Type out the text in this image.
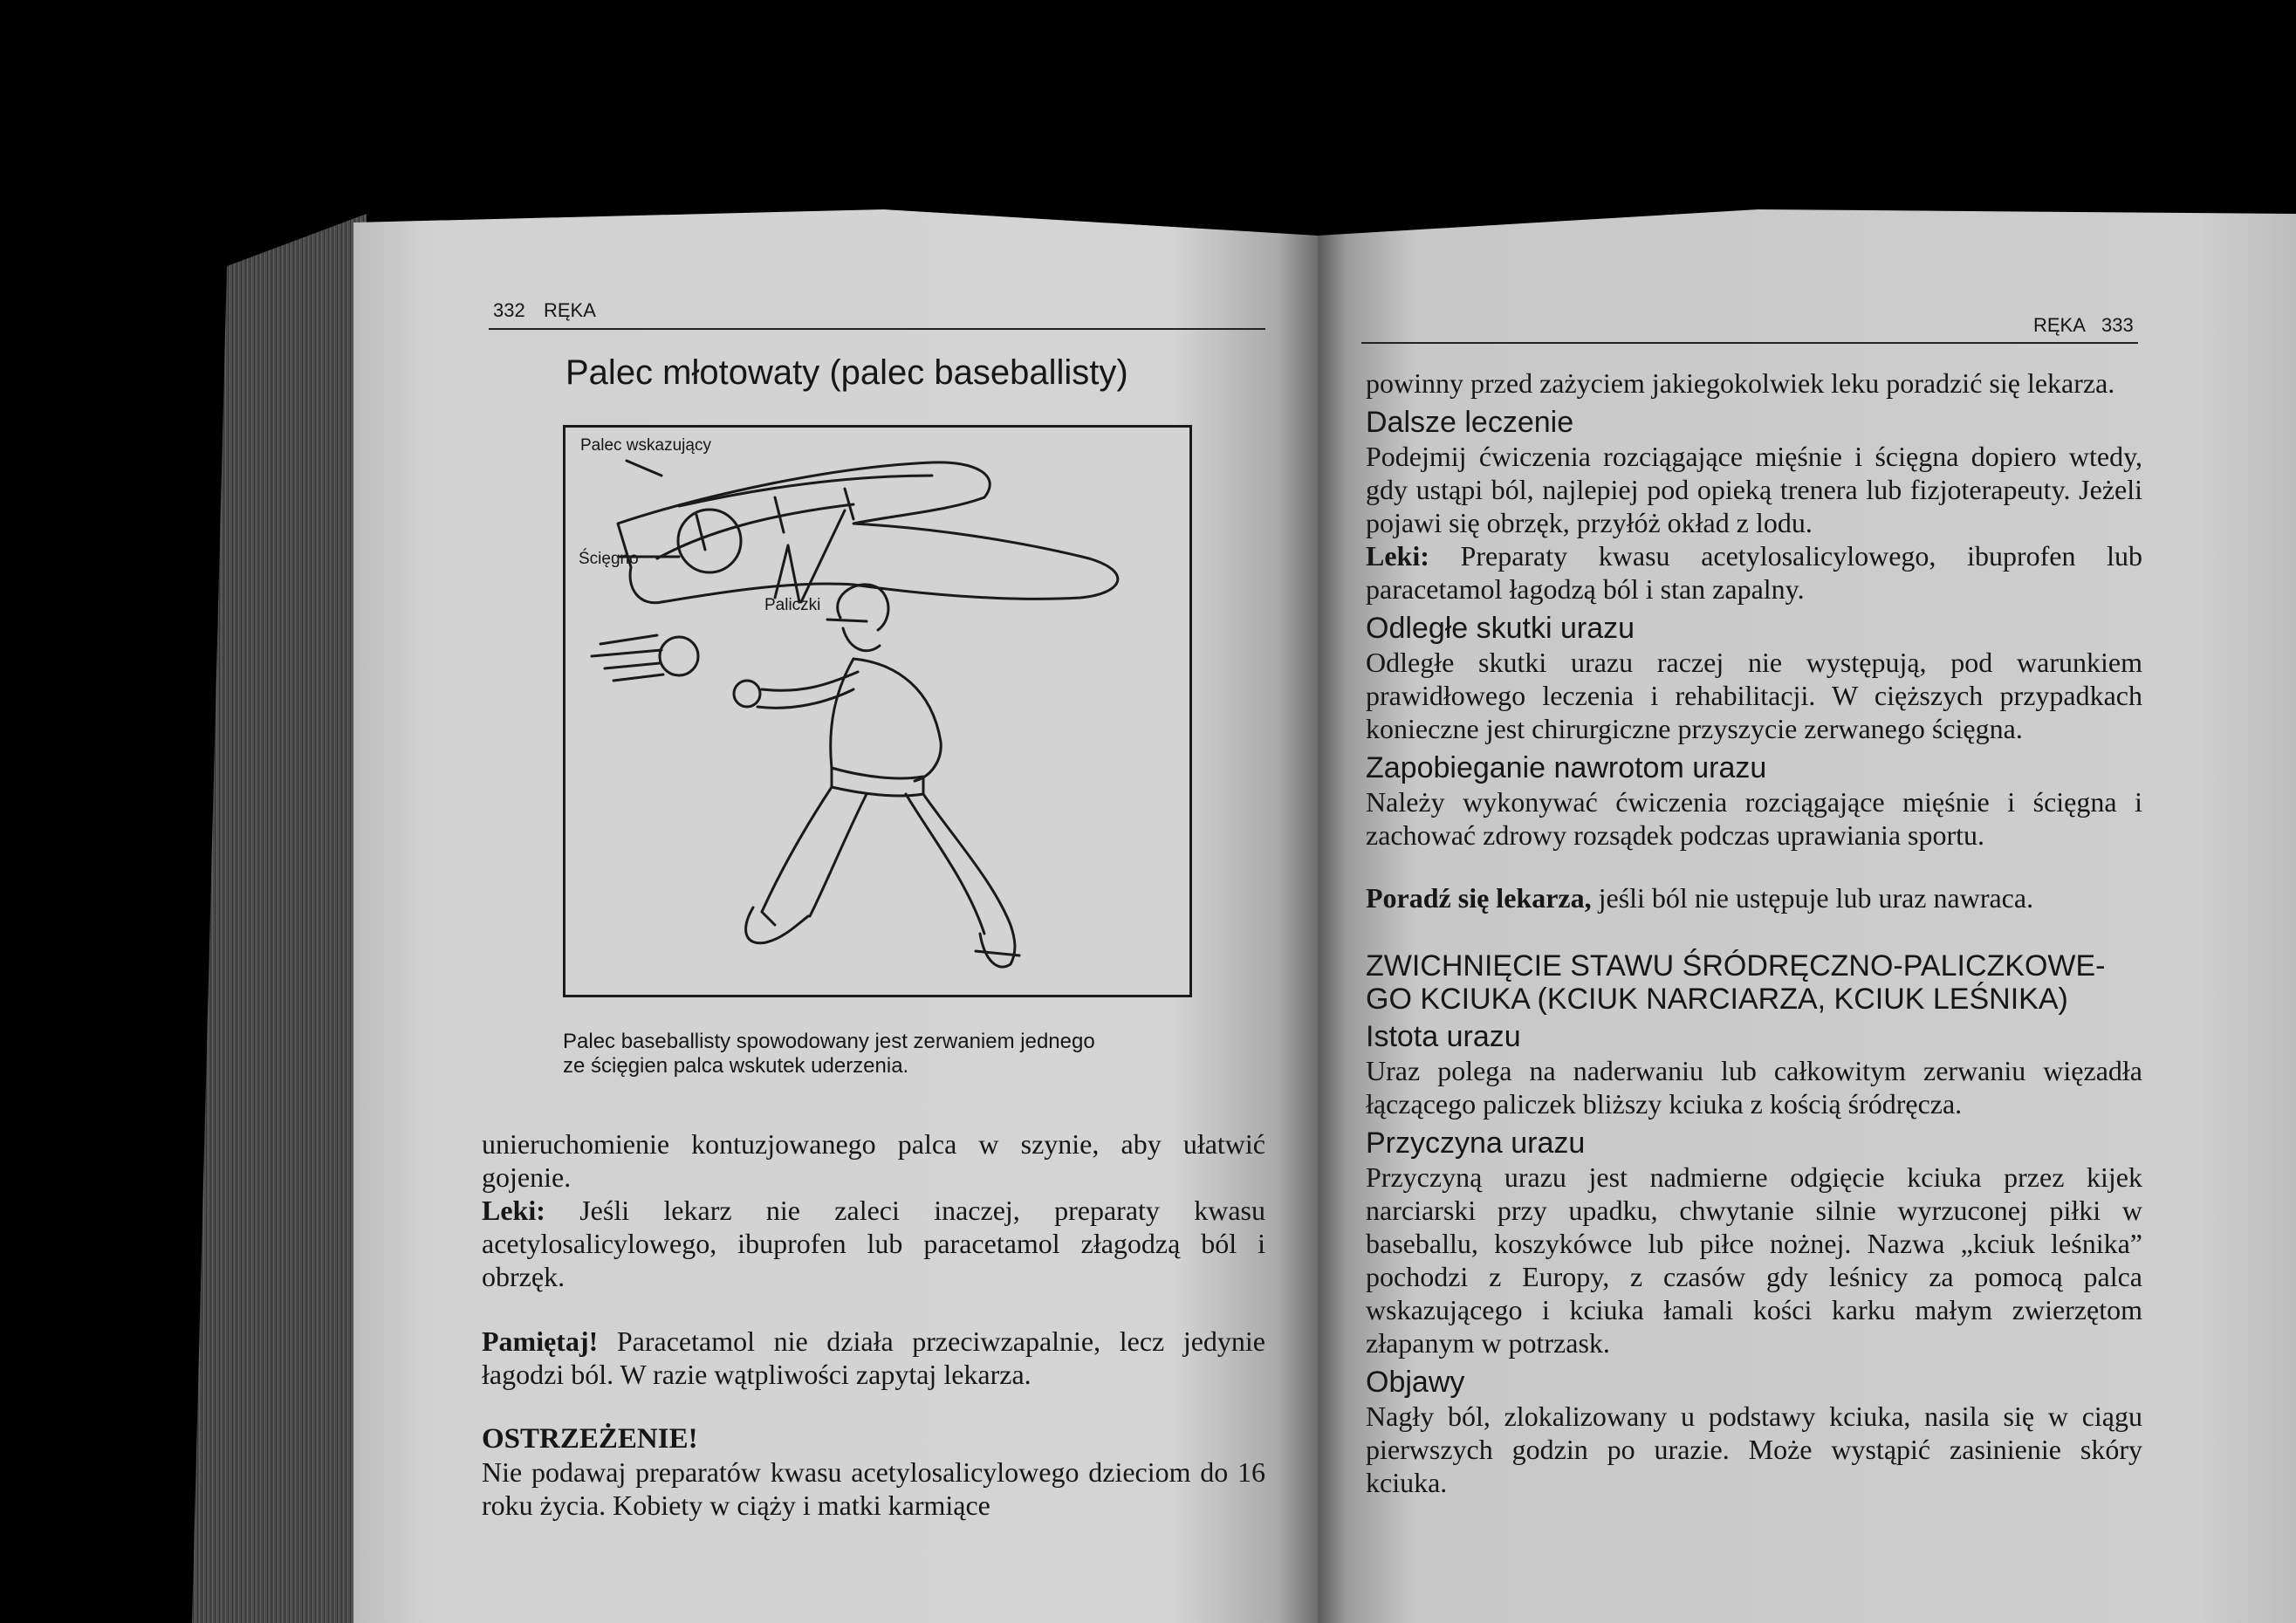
332 RĘKA
Palec młotowaty (palec baseballisty)
Palec wskazujący
Ścięgno
Paliczki
Palec baseballisty spowodowany jest zerwaniem jednego
ze ścięgien palca wskutek uderzenia.

unieruchomienie kontuzjowanego palca w szynie, aby ułatwić gojenie.

Leki: Jeśli lekarz nie zaleci inaczej, preparaty kwasu acetylosalicylowego, ibuprofen lub paracetamol złagodzą ból i obrzęk.

Pamiętaj! Paracetamol nie działa przeciwzapalnie, lecz jedynie łagodzi ból. W razie wątpliwości zapytaj lekarza.

OSTRZEŻENIE!

Nie podawaj preparatów kwasu acetylosalicylowego dzieciom do 16 roku życia. Kobiety w ciąży i matki karmiące

RĘKA 333

powinny przed zażyciem jakiegokolwiek leku poradzić się lekarza.

Dalsze leczenie

Podejmij ćwiczenia rozciągające mięśnie i ścięgna dopiero wtedy, gdy ustąpi ból, najlepiej pod opieką trenera lub fizjoterapeuty. Jeżeli pojawi się obrzęk, przyłóż okład z lodu.

Leki: Preparaty kwasu acetylosalicylowego, ibuprofen lub paracetamol łagodzą ból i stan zapalny.

Odległe skutki urazu

Odległe skutki urazu raczej nie występują, pod warunkiem prawidłowego leczenia i rehabilitacji. W cięższych przypadkach konieczne jest chirurgiczne przyszycie zerwanego ścięgna.

Zapobieganie nawrotom urazu

Należy wykonywać ćwiczenia rozciągające mięśnie i ścięgna i zachować zdrowy rozsądek podczas uprawiania sportu.

Poradź się lekarza, jeśli ból nie ustępuje lub uraz nawraca.

ZWICHNIĘCIE STAWU ŚRÓDRĘCZNO-PALICZKOWE-
GO KCIUKA (KCIUK NARCIARZA, KCIUK LEŚNIKA)
Istota urazu

Uraz polega na naderwaniu lub całkowitym zerwaniu więzadła łączącego paliczek bliższy kciuka z kością śródręcza.

Przyczyna urazu

Przyczyną urazu jest nadmierne odgięcie kciuka przez kijek narciarski przy upadku, chwytanie silnie wyrzuconej piłki w baseballu, koszykówce lub piłce nożnej. Nazwa „kciuk leśnika” pochodzi z Europy, z czasów gdy leśnicy za pomocą palca wskazującego i kciuka łamali kości karku małym zwierzętom złapanym w potrzask.

Objawy

Nagły ból, zlokalizowany u podstawy kciuka, nasila się w ciągu pierwszych godzin po urazie. Może wystąpić zasinienie skóry kciuka.
